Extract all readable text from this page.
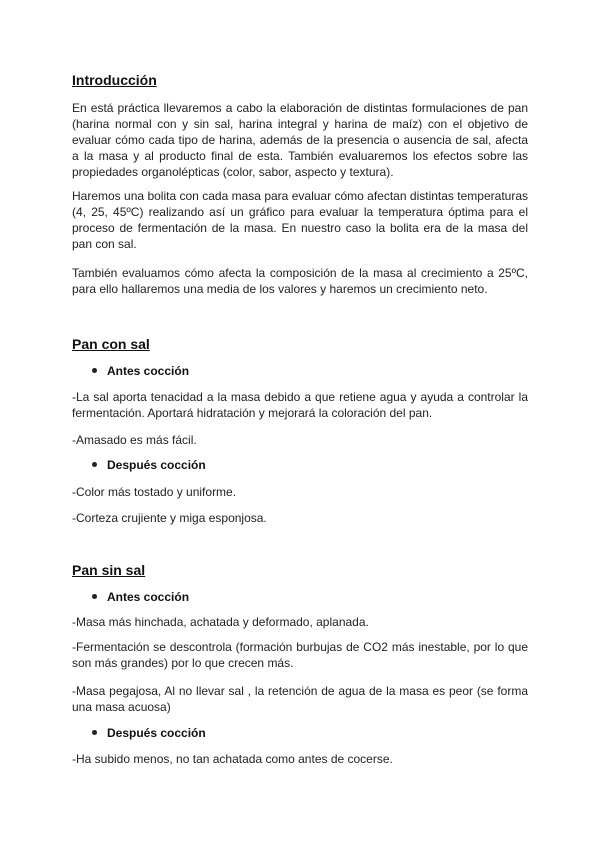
Introducción

En está práctica llevaremos a cabo la elaboración de distintas formulaciones de pan (harina normal con y sin sal, harina integral y harina de maíz) con el objetivo de evaluar cómo cada tipo de harina, además de la presencia o ausencia de sal, afecta a la masa y al producto final de esta. También evaluaremos los efectos sobre las propiedades organolépticas (color, sabor, aspecto y textura).

Haremos una bolita con cada masa para evaluar cómo afectan distintas temperaturas (4, 25, 45ºC) realizando así un gráfico para evaluar la temperatura óptima para el proceso de fermentación de la masa. En nuestro caso la bolita era de la masa del pan con sal.

También evaluamos cómo afecta la composición de la masa al crecimiento a 25ºC, para ello hallaremos una media de los valores y haremos un crecimiento neto.

Pan con sal
Antes cocción

-La sal aporta tenacidad a la masa debido a que retiene agua y ayuda a controlar la fermentación. Aportará hidratación y mejorará la coloración del pan.

-Amasado es más fácil.

Después cocción

-Color más tostado y uniforme.

-Corteza crujiente y miga esponjosa.

Pan sin sal
Antes cocción

-Masa más hinchada, achatada y deformado, aplanada.

-Fermentación se descontrola (formación burbujas de CO2 más inestable, por lo que son más grandes) por lo que crecen más.

-Masa pegajosa, Al no llevar sal , la retención de agua de la masa es peor (se forma una masa acuosa)

Después cocción

-Ha subido menos, no tan achatada como antes de cocerse.
